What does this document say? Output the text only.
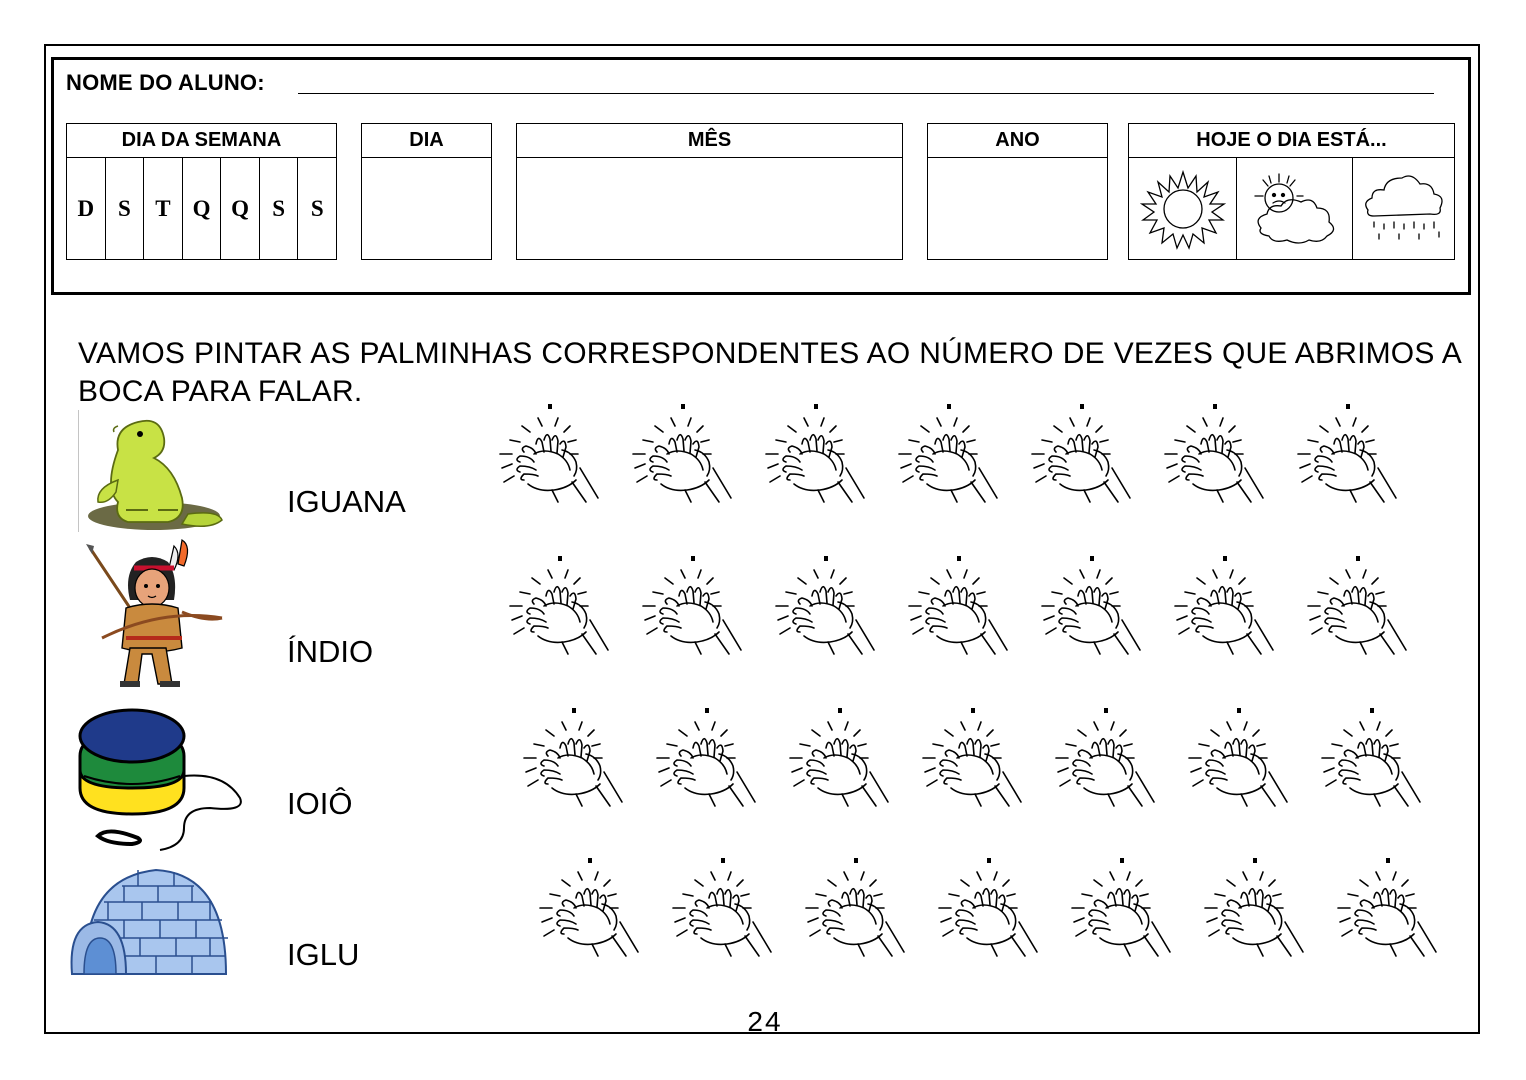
NOME DO ALUNO:
DIA DA SEMANA
D	S	T Q Q	S	S
DIA	MÊS	ANO	HOJE O DIA ESTÁ...
VAMOS PINTAR AS PALMINHAS CORRESPONDENTES AO NÚMERO DE VEZES QUE ABRIMOS A BOCA PARA FALAR.
IGUANA
ÍNDIO
IOIÔ
IGLU
24
